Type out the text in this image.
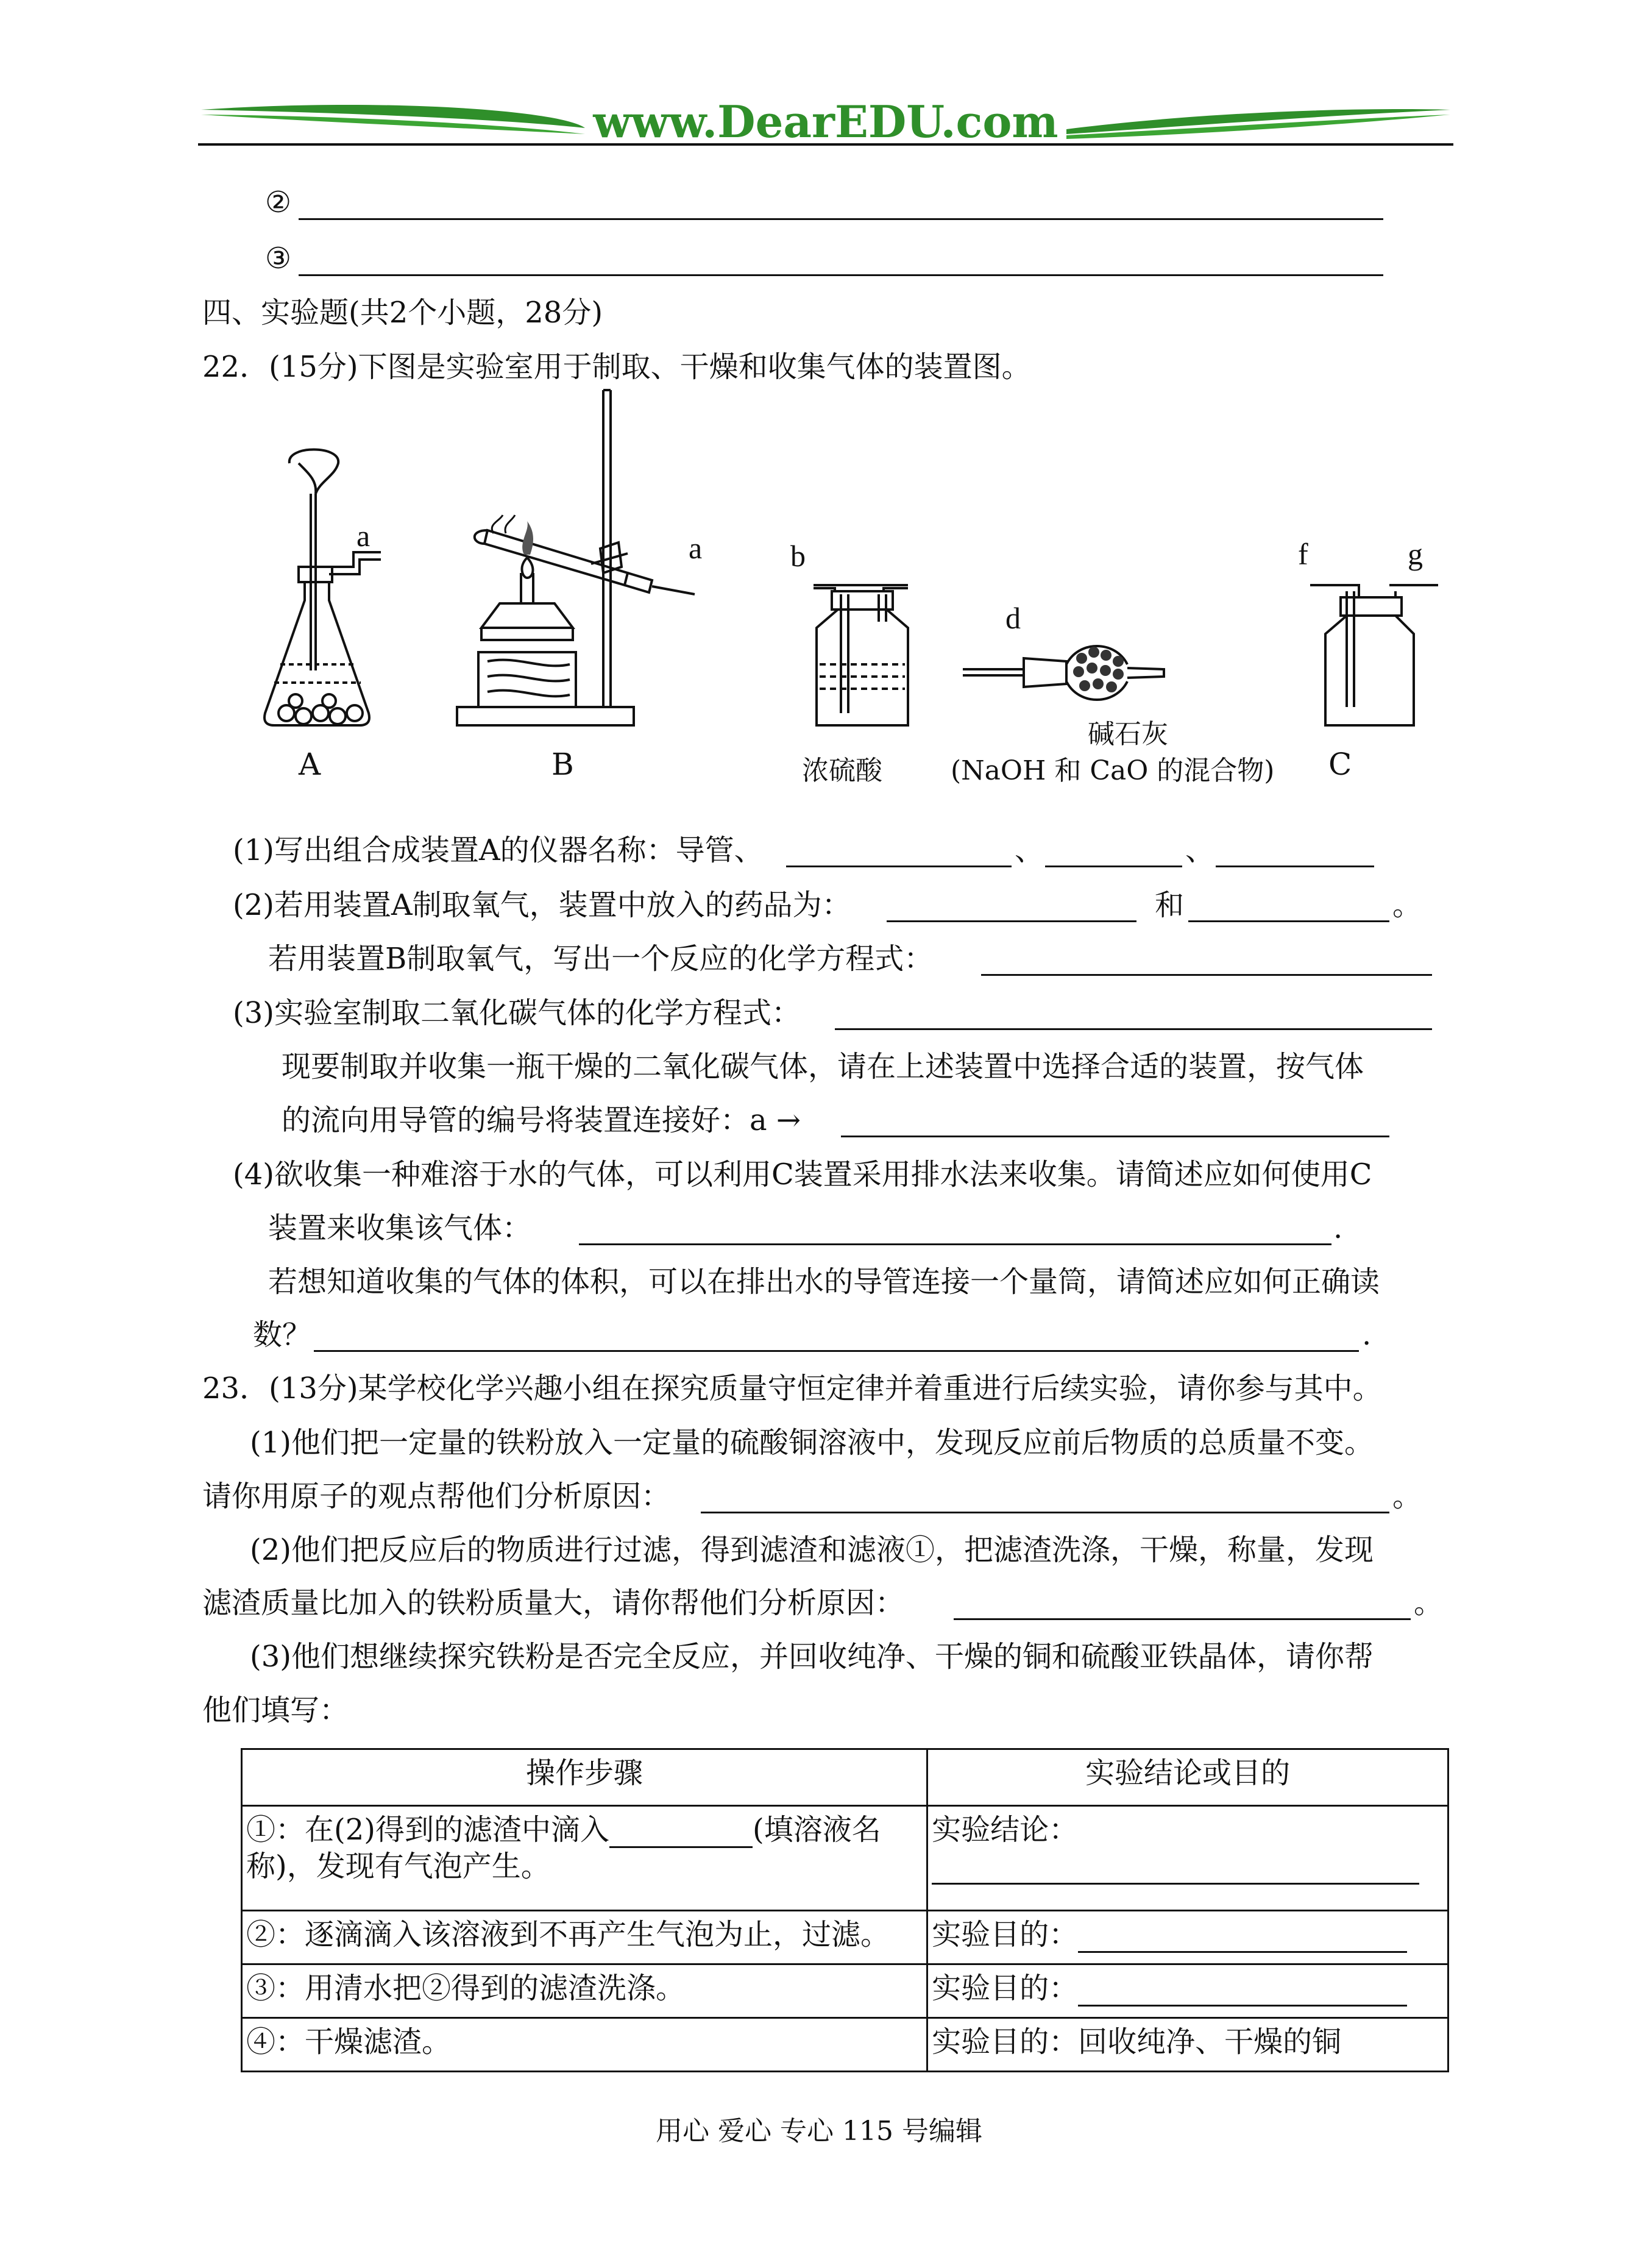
www.DearEDU.com
②
③
四、实验题(共2个小题，28分)
22．(15分)下图是实验室用于制取、干燥和收集气体的装置图。
a	a	b
d
f	g
A	B	浓硫酸
碱石灰
(NaOH 和 CaO 的混合物) C
(1)写出组合成装置A的仪器名称：导管、	、	、
(2)若用装置A制取氧气，装置中放入的药品为：	和	。
若用装置B制取氧气，写出一个反应的化学方程式：
(3)实验室制取二氧化碳气体的化学方程式：
现要制取并收集一瓶干燥的二氧化碳气体，请在上述装置中选择合适的装置，按气体
的流向用导管的编号将装置连接好：a →
(4)欲收集一种难溶于水的气体，可以利用C装置采用排水法来收集。请简述应如何使用C
装置来收集该气体：	.
若想知道收集的气体的体积，可以在排出水的导管连接一个量筒，请简述应如何正确读
数？	.
23．(13分)某学校化学兴趣小组在探究质量守恒定律并着重进行后续实验，请你参与其中。
(1)他们把一定量的铁粉放入一定量的硫酸铜溶液中，发现反应前后物质的总质量不变。
请你用原子的观点帮他们分析原因：	。
(2)他们把反应后的物质进行过滤，得到滤渣和滤液①，把滤渣洗涤，干燥，称量，发现
滤渣质量比加入的铁粉质量大，请你帮他们分析原因：	。
(3)他们想继续探究铁粉是否完全反应，并回收纯净、干燥的铜和硫酸亚铁晶体，请你帮
他们填写：
操作步骤	实验结论或目的
①：在(2)得到的滤渣中滴入 (填溶液名
称)，发现有气泡产生。	实验结论：

②：逐滴滴入该溶液到不再产生气泡为止，过滤。	实验目的：
③：用清水把②得到的滤渣洗涤。	实验目的：
④：干燥滤渣。	实验目的：回收纯净、干燥的铜
用心 爱心 专心 115 号编辑
